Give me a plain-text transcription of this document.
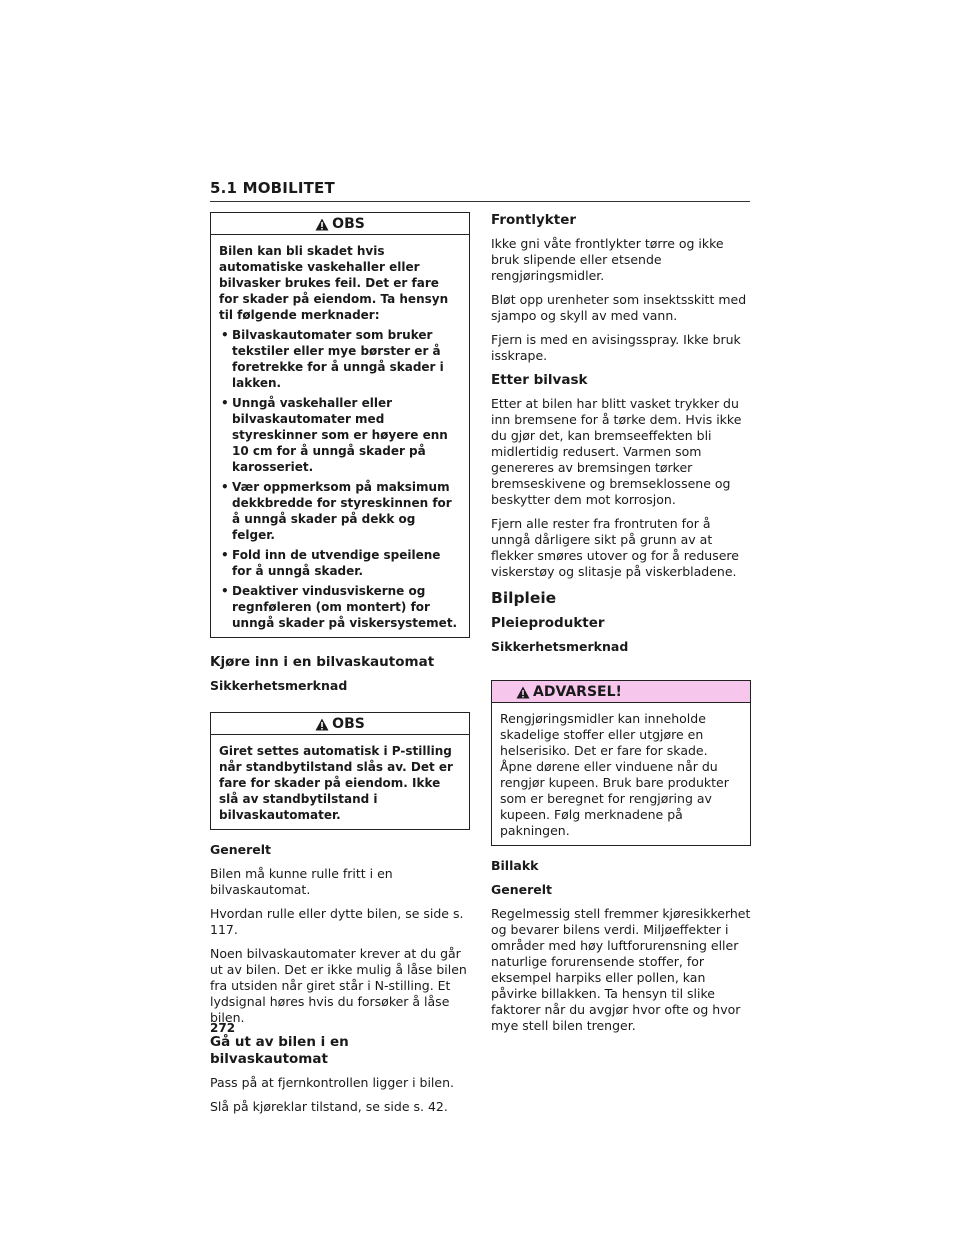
5.1 MOBILITET
OBS
Bilen kan bli skadet hvis automatiske vaskehaller eller bilvasker brukes feil. Det er fare for skader på eiendom. Ta hensyn til følgende merknader:
• Bilvaskautomater som bruker tekstiler eller mye børster er å foretrekke for å unngå skader i lakken.
• Unngå vaskehaller eller bilvaskautomater med styreskinner som er høyere enn 10 cm for å unngå skader på karosseriet.
• Vær oppmerksom på maksimum dekkbredde for styreskinnen for å unngå skader på dekk og felger.
• Fold inn de utvendige speilene for å unngå skader.
• Deaktiver vindusviskerne og regnføleren (om montert) for unngå skader på viskersystemet.
Kjøre inn i en bilvaskautomat
Sikkerhetsmerknad
OBS
Giret settes automatisk i P-stilling når standbytilstand slås av. Det er fare for skader på eiendom. Ikke slå av standbytilstand i bilvaskautomater.
Generelt

Bilen må kunne rulle fritt i en bilvaskautomat.

Hvordan rulle eller dytte bilen, se side s. 117.

Noen bilvaskautomater krever at du går ut av bilen. Det er ikke mulig å låse bilen fra utsiden når giret står i N-stilling. Et lydsignal høres hvis du forsøker å låse bilen.

Gå ut av bilen i en bilvaskautomat

Pass på at fjernkontrollen ligger i bilen.

Slå på kjøreklar tilstand, se side s. 42.

Frontlykter

Ikke gni våte frontlykter tørre og ikke bruk slipende eller etsende rengjøringsmidler.

Bløt opp urenheter som insektsskitt med sjampo og skyll av med vann.

Fjern is med en avisingsspray. Ikke bruk isskrape.

Etter bilvask

Etter at bilen har blitt vasket trykker du inn bremsene for å tørke dem. Hvis ikke du gjør det, kan bremseeffekten bli midlertidig redusert. Varmen som genereres av bremsingen tørker bremseskivene og bremseklossene og beskytter dem mot korrosjon.

Fjern alle rester fra frontruten for å unngå dårligere sikt på grunn av at flekker smøres utover og for å redusere viskerstøy og slitasje på viskerbladene.

Bilpleie
Pleieprodukter
Sikkerhetsmerknad
ADVARSEL!
Rengjøringsmidler kan inneholde skadelige stoffer eller utgjøre en helserisiko. Det er fare for skade. Åpne dørene eller vinduene når du rengjør kupeen. Bruk bare produkter som er beregnet for rengjøring av kupeen. Følg merknadene på pakningen.
Billakk
Generelt

Regelmessig stell fremmer kjøresikkerhet og bevarer bilens verdi. Miljøeffekter i områder med høy luftforurensning eller naturlige forurensende stoffer, for eksempel harpiks eller pollen, kan påvirke billakken. Ta hensyn til slike faktorer når du avgjør hvor ofte og hvor mye stell bilen trenger.

272
